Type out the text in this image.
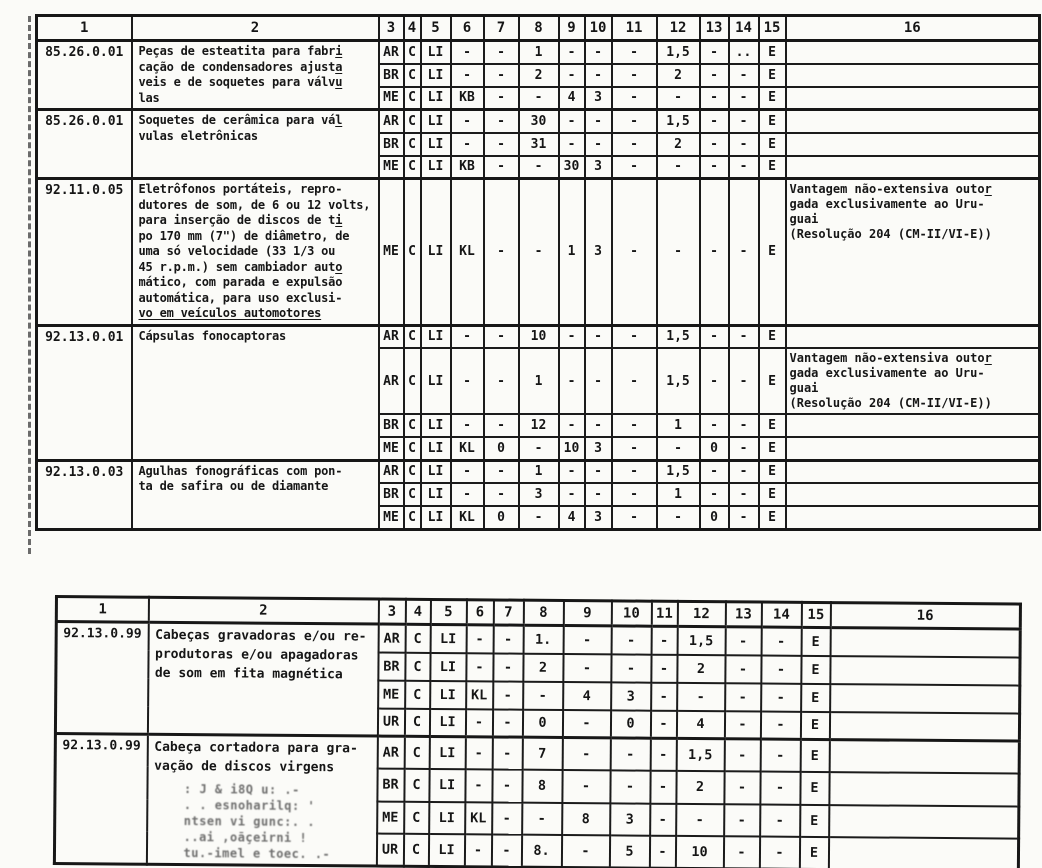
1	2	3	4	5	6	7	8	9	10	11	12	13	14	15	16
85.26.0.01	Peças de esteatita para fabri
cação de condensadores ajusta
veis e de soquetes para válvu
las	AR	C	LI	-	-	1	-	-	-	1,5	-	..	E	
		BR	C	LI	-	-	2	-	-	-	2	-	-	E	
		ME	C	LI	KB	-	-	4	3	-	-	-	-	E	
85.26.0.01	Soquetes de cerâmica para vál
vulas eletrônicas	AR	C	LI	-	-	30	-	-	-	1,5	-	-	E	
		BR	C	LI	-	-	31	-	-	-	2	-	-	E	
		ME	C	LI	KB	-	-	30	3	-	-	-	-	E	
92.11.0.05	Eletrôfonos portáteis, repro-
dutores de som, de 6 ou 12 volts,
para inserção de discos de ti
po 170 mm (7") de diâmetro, de
uma só velocidade (33 1/3 ou
45 r.p.m.) sem cambiador auto
mático, com parada e expulsão
automática, para uso exclusi-
vo em veículos automotores
	ME	C	LI	KL	-	-	1	3	-	-	-	-	E	Vantagem não-extensiva outor
gada exclusivamente ao Uru-
guai
(Resolução 204 (CM-II/VI-E))
92.13.0.01	Cápsulas fonocaptoras	AR	C	LI	-	-	10	-	-	-	1,5	-	-	E	
		AR	C	LI	-	-	1	-	-	-	1,5	-	-	E	Vantagem não-extensiva outor
gada exclusivamente ao Uru-
guai
(Resolução 204 (CM-II/VI-E))
		BR	C	LI	-	-	12	-	-	-	1	-	-	E	
		ME	C	LI	KL	0	-	10	3	-	-	0	-	E	
92.13.0.03	Agulhas fonográficas com pon-
ta de safira ou de diamante	AR	C	LI	-	-	1	-	-	-	1,5	-	-	E	
		BR	C	LI	-	-	3	-	-	-	1	-	-	E	
		ME	C	LI	KL	0	-	4	3	-	-	0	-	E	
1	2	3	4	5	6	7	8	9	10	11	12	13	14	15	16
92.13.0.99	Cabeças gravadoras e/ou re-
produtoras e/ou apagadoras
de som em fita magnética	AR	C	LI	-	-	1.	-	-	-	1,5	-	-	E	
		BR	C	LI	-	-	2	-	-	-	2	-	-	E	
		ME	C	LI	KL	-	-	4	3	-	-	-	-	E	
		UR	C	LI	-	-	0	-	0	-	4	-	-	E	
92.13.0.99	Cabeça cortadora para gra-
vação de discos virgens
: J & i8Q u: .-
. . esnoharilq: '
ntsen vi gunc:. .
..ai ,oāçeirni !
tu.-imel e toec. .-
	AR	C	LI	-	-	7	-	-	-	1,5	-	-	E	
		BR	C	LI	-	-	8	-	-	-	2	-	-	E	
		ME	C	LI	KL	-	-	8	3	-	-	-	-	E	
		UR	C	LI	-	-	8.	-	5	-	10	-	-	E	
